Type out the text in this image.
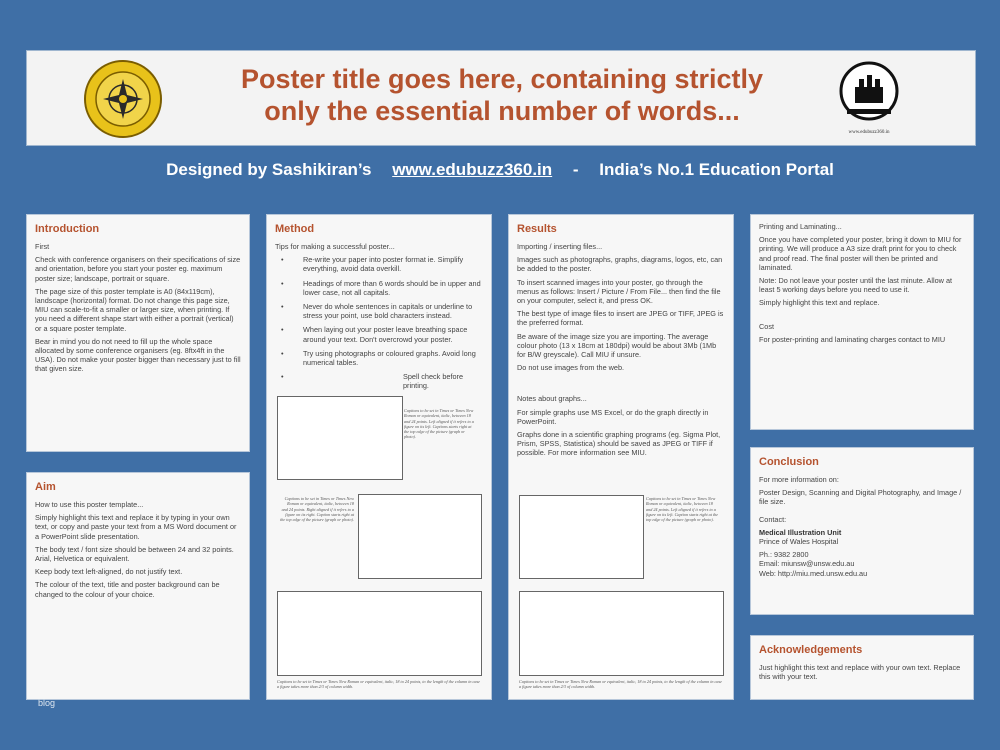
Poster title goes here, containing strictly
only the essential number of words...
www.edubuzz360.in
Designed by Sashikiran’s www.edubuzz360.in - India’s No.1 Education Portal
Introduction

First

Check with conference organisers on their specifications of size and orientation, before you start your poster eg. maximum poster size; landscape, portrait or square.

The page size of this poster template is A0 (84x119cm), landscape (horizontal) format. Do not change this page size, MIU can scale-to-fit a smaller or larger size, when printing. If you need a different shape start with either a portrait (vertical) or a square poster template.

Bear in mind you do not need to fill up the whole space allocated by some conference organisers (eg. 8ftx4ft in the USA). Do not make your poster bigger than necessary just to fill that given size.

Aim

How to use this poster template...

Simply highlight this text and replace it by typing in your own text, or copy and paste your text from a MS Word document or a PowerPoint slide presentation.

The body text / font size should be between 24 and 32 points. Arial, Helvetica or equivalent.

Keep body text left-aligned, do not justify text.

The colour of the text, title and poster background can be changed to the colour of your choice.

Method

Tips for making a successful poster...

• Re-write your paper into poster format ie. Simplify everything, avoid data overkill.
• Headings of more than 6 words should be in upper and lower case, not all capitals.
• Never do whole sentences in capitals or underline to stress your point, use bold characters instead.
• When laying out your poster leave breathing space around your text. Don't overcrowd your poster.
• Try using photographs or coloured graphs. Avoid long numerical tables.
• Spell check before printing.
Captions to be set in Times or Times New Roman or equivalent, italic, between 18 and 24 points. Left aligned if it refers to a figure on its left. Captions starts right at the top edge of the picture (graph or photo).
Captions to be set in Times or Times New Roman or equivalent, italic, between 18 and 24 points. Right aligned if it refers to a figure on its right. Caption starts right at the top edge of the picture (graph or photo).
Captions to be set in Times or Times New Roman or equivalent, italic, 18 to 24 points, to the length of the column in case a figure takes more than 2/3 of column width.
Results

Importing / inserting files...

Images such as photographs, graphs, diagrams, logos, etc, can be added to the poster.

To insert scanned images into your poster, go through the menus as follows: Insert / Picture / From File... then find the file on your computer, select it, and press OK.

The best type of image files to insert are JPEG or TIFF, JPEG is the preferred format.

Be aware of the image size you are importing. The average colour photo (13 x 18cm at 180dpi) would be about 3Mb (1Mb for B/W greyscale). Call MIU if unsure.

Do not use images from the web.

Notes about graphs...

For simple graphs use MS Excel, or do the graph directly in PowerPoint.

Graphs done in a scientific graphing programs (eg. Sigma Plot, Prism, SPSS, Statistica) should be saved as JPEG or TIFF if possible. For more information see MIU.

Captions to be set in Times or Times New Roman or equivalent, italic, between 18 and 24 points. Left aligned if it refers to a figure on its left. Caption starts right at the top edge of the picture (graph or photo).
Captions to be set in Times or Times New Roman or equivalent, italic, 18 to 24 points, to the length of the column in case a figure takes more than 2/3 of column width.

Printing and Laminating...

Once you have completed your poster, bring it down to MIU for printing. We will produce a A3 size draft print for you to check and proof read. The final poster will then be printed and laminated.

Note: Do not leave your poster until the last minute. Allow at least 5 working days before you need to use it.

Simply highlight this text and replace.

Cost

For poster-printing and laminating charges contact to MIU

Conclusion

For more information on:

Poster Design, Scanning and Digital Photography, and Image / file size.

Contact:

Medical Illustration Unit

Prince of Wales Hospital

Ph.: 9382 2800

Email: miunsw@unsw.edu.au

Web: http://miu.med.unsw.edu.au

Acknowledgements

Just highlight this text and replace with your own text. Replace this with your text.

blog
